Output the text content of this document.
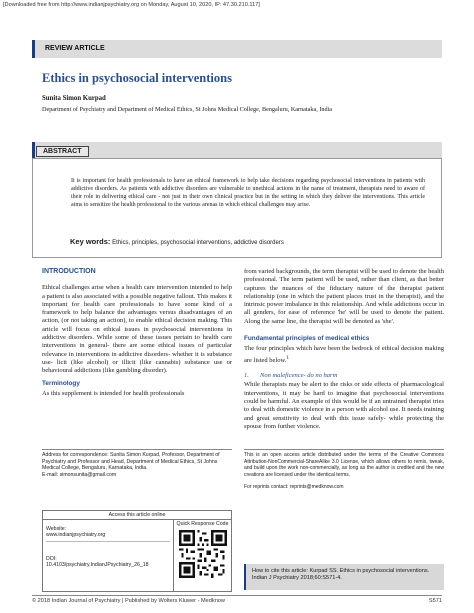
[Downloaded free from http://www.indianjpsychiatry.org on Monday, August 10, 2020, IP: 47.30.210.117]
REVIEW ARTICLE
Ethics in psychosocial interventions
Sunita Simon Kurpad
Department of Psychiatry and Department of Medical Ethics, St Johns Medical College, Bengaluru, Karnataka, India
ABSTRACT

It is important for health professionals to have an ethical framework to help take decisions regarding psychosocial interventions in patients with addictive disorders. As patients with addictive disorders are vulnerable to unethical actions in the name of treatment, therapists need to aware of their role in delivering ethical care - not just in their own clinical practice but in the setting in which they deliver the interventions. This article aims to sensitize the health professional to the various arenas in which ethical challenges may arise.

Key words: Ethics, principles, psychosocial interventions, addictive disorders
INTRODUCTION

Ethical challenges arise when a health care intervention intended to help a patient is also associated with a possible negative fallout. This makes it important for health care professionals to have some kind of a framework to help balance the advantages versus disadvantages of an action, (or not taking an action), to enable ethical decision making. This article will focus on ethical issues in psychosocial interventions in addictive disorders. While some of these issues pertain to health care interventions in general- there are some ethical issues of particular relevance in interventions in addictive disorders- whether it is substance use- licit (like alcohol) or illicit (like cannabis) substance use or behavioural addictions (like gambling disorder).

Terminology

As this supplement is intended for health professionals

from varied backgrounds, the term therapist will be used to denote the health professional. The term patient will be used, rather than client, as that better captures the nuances of the fiduciary nature of the therapist patient relationship (one in which the patient places trust in the therapist), and the intrinsic power imbalance in this relationship. And while addictions occur in all genders, for ease of reference 'he' will be used to denote the patient. Along the same line, the therapist will be denoted as 'she'.

Fundamental principles of medical ethics

The four principles which have been the bedrock of ethical decision making are listed below.$^1$

1. Non maleficence- do no harm

While therapists may be alert to the risks or side effects of pharmacological interventions, it may be hard to imagine that psychosocial interventions could be harmful. An example of this would be if an untrained therapist tries to deal with domestic violence in a person with alcohol use. It needs training and great sensitivity to deal with this issue safely- while protecting the spouse from further violence.

Address for correspondence: Sunita Simon Kurpad, Professor, Department of Psychiatry and Professor and Head, Department of Medical Ethics, St Johns Medical College, Bengaluru, Karnataka, India.

E-mail: simonsunita@gmail.com

Access this article online
Website:
www.indianjpsychiatry.org
DOI:
10.4103/psychiatry.IndianJPsychiatry_26_18
Quick Response Code

This is an open access article distributed under the terms of the Creative Commons Attribution-NonCommercial-ShareAlike 3.0 License, which allows others to remix, tweak, and build upon the work non-commercially, as long as the author is credited and the new creations are licensed under the identical terms.

For reprints contact: reprints@medknow.com

How to cite this article: Kurpad SS. Ethics in psychosocial interventions. Indian J Psychiatry 2018;60:S571-4.

© 2018 Indian Journal of Psychiatry | Published by Wolters Kluwer - Medknow	S571
